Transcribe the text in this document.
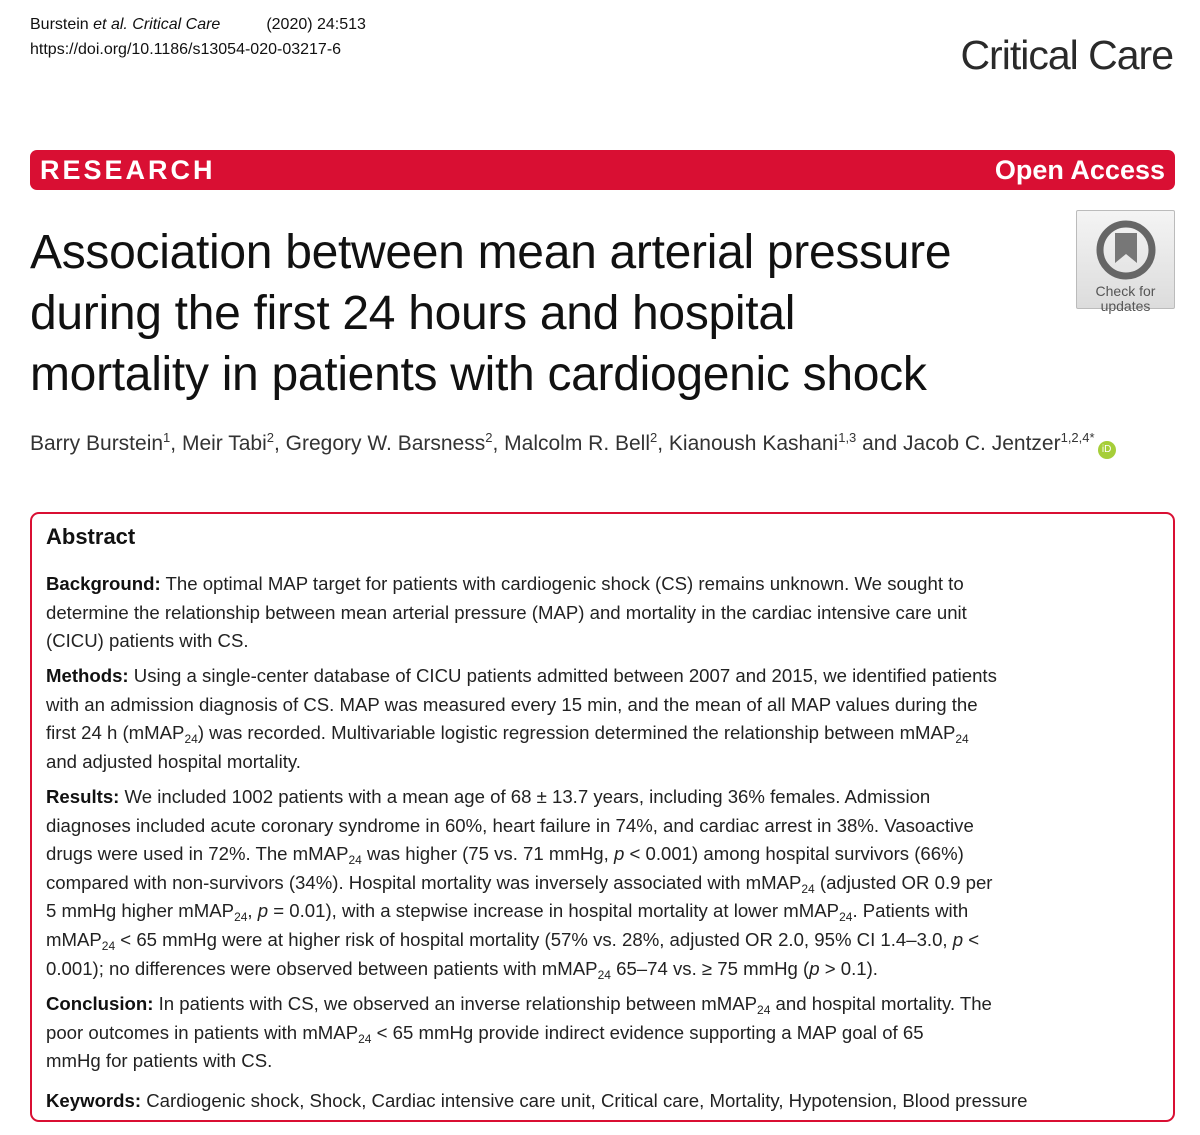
Burstein et al. Critical Care	(2020) 24:513
https://doi.org/10.1186/s13054-020-03217-6	Critical Care
RESEARCH	Open Access
Check for
updates
Association between mean arterial pressure
during the first 24 hours and hospital
mortality in patients with cardiogenic shock
Barry Burstein$^1$, Meir Tabi$^2$, Gregory W. Barsness$^2$, Malcolm R. Bell$^2$, Kianoush Kashani$^{1,3}$ and Jacob C. Jentzer$^{1,2,4*}$iD
Abstract
Background: The optimal MAP target for patients with cardiogenic shock (CS) remains unknown. We sought to
determine the relationship between mean arterial pressure (MAP) and mortality in the cardiac intensive care unit
(CICU) patients with CS.
Methods: Using a single-center database of CICU patients admitted between 2007 and 2015, we identified patients
with an admission diagnosis of CS. MAP was measured every 15 min, and the mean of all MAP values during the
first 24 h (mMAP$_{24}$) was recorded. Multivariable logistic regression determined the relationship between mMAP$_{24}$
and adjusted hospital mortality.
Results: We included 1002 patients with a mean age of 68 ± 13.7 years, including 36% females. Admission
diagnoses included acute coronary syndrome in 60%, heart failure in 74%, and cardiac arrest in 38%. Vasoactive
drugs were used in 72%. The mMAP$_{24}$ was higher (75 vs. 71 mmHg, p < 0.001) among hospital survivors (66%)
compared with non-survivors (34%). Hospital mortality was inversely associated with mMAP$_{24}$ (adjusted OR 0.9 per
5 mmHg higher mMAP$_{24}$, p = 0.01), with a stepwise increase in hospital mortality at lower mMAP$_{24}$. Patients with
mMAP$_{24}$ < 65 mmHg were at higher risk of hospital mortality (57% vs. 28%, adjusted OR 2.0, 95% CI 1.4–3.0, p <
0.001); no differences were observed between patients with mMAP$_{24}$ 65–74 vs. ≥ 75 mmHg (p > 0.1).
Conclusion: In patients with CS, we observed an inverse relationship between mMAP$_{24}$ and hospital mortality. The
poor outcomes in patients with mMAP$_{24}$ < 65 mmHg provide indirect evidence supporting a MAP goal of 65
mmHg for patients with CS.
Keywords: Cardiogenic shock, Shock, Cardiac intensive care unit, Critical care, Mortality, Hypotension, Blood pressure
